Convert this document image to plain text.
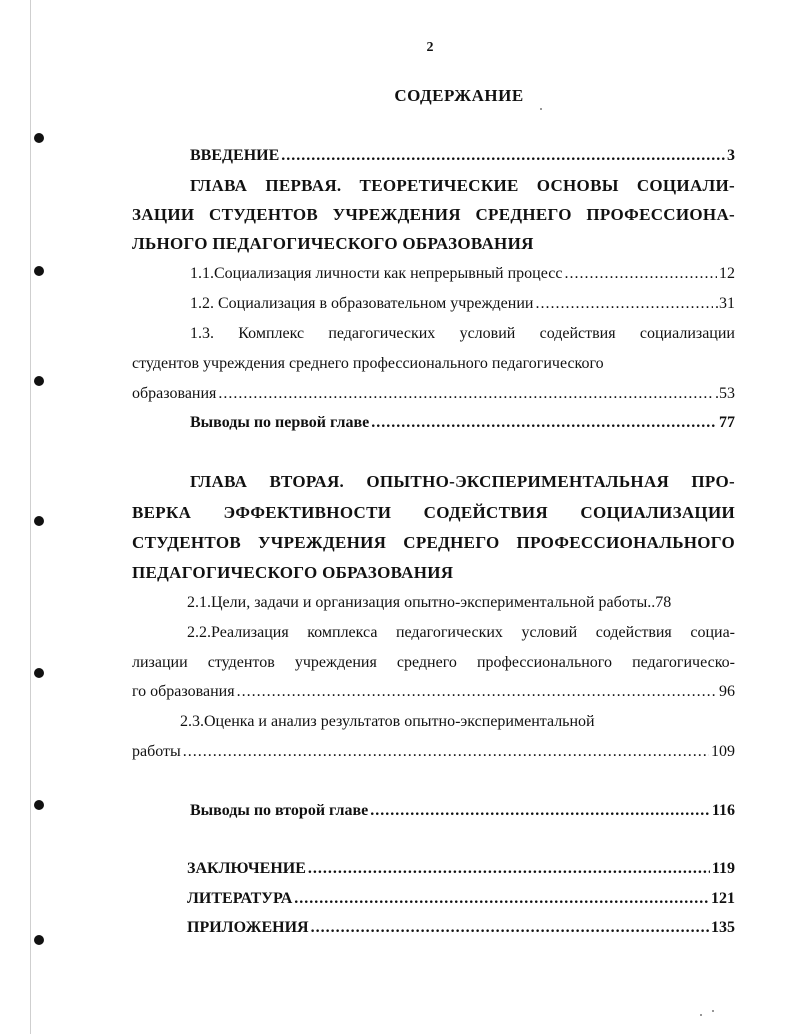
2
СОДЕРЖАНИЕ
ВВЕДЕНИЕ .....	3
ГЛАВА ПЕРВАЯ. ТЕОРЕТИЧЕСКИЕ ОСНОВЫ СОЦИАЛИ-
ЗАЦИИ СТУДЕНТОВ УЧРЕЖДЕНИЯ СРЕДНЕГО ПРОФЕССИОНА-
ЛЬНОГО ПЕДАГОГИЧЕСКОГО ОБРАЗОВАНИЯ
1.1.Социализация личности как непрерывный процесс .....	12
1.2. Социализация в образовательном учреждении .....	.31
1.3. Комплекс педагогических условий содействия социализации
студентов учреждения среднего профессионального педагогического
образования .....	.53
Выводы по первой главе .....	77
ГЛАВА ВТОРАЯ. ОПЫТНО-ЭКСПЕРИМЕНТАЛЬНАЯ ПРО-
ВЕРКА ЭФФЕКТИВНОСТИ СОДЕЙСТВИЯ СОЦИАЛИЗАЦИИ
СТУДЕНТОВ УЧРЕЖДЕНИЯ СРЕДНЕГО ПРОФЕССИОНАЛЬНОГО
ПЕДАГОГИЧЕСКОГО ОБРАЗОВАНИЯ
2.1.Цели, задачи и организация опытно-экспериментальной работы.. 78
2.2.Реализация комплекса педагогических условий содействия социа-
лизации студентов учреждения среднего профессионального педагогическо-
го образования .....	96
2.3.Оценка и анализ результатов опытно-экспериментальной
работы .....	109
Выводы по второй главе .....	116
ЗАКЛЮЧЕНИЕ .....	119
ЛИТЕРАТУРА .....	121
ПРИЛОЖЕНИЯ .....	135
